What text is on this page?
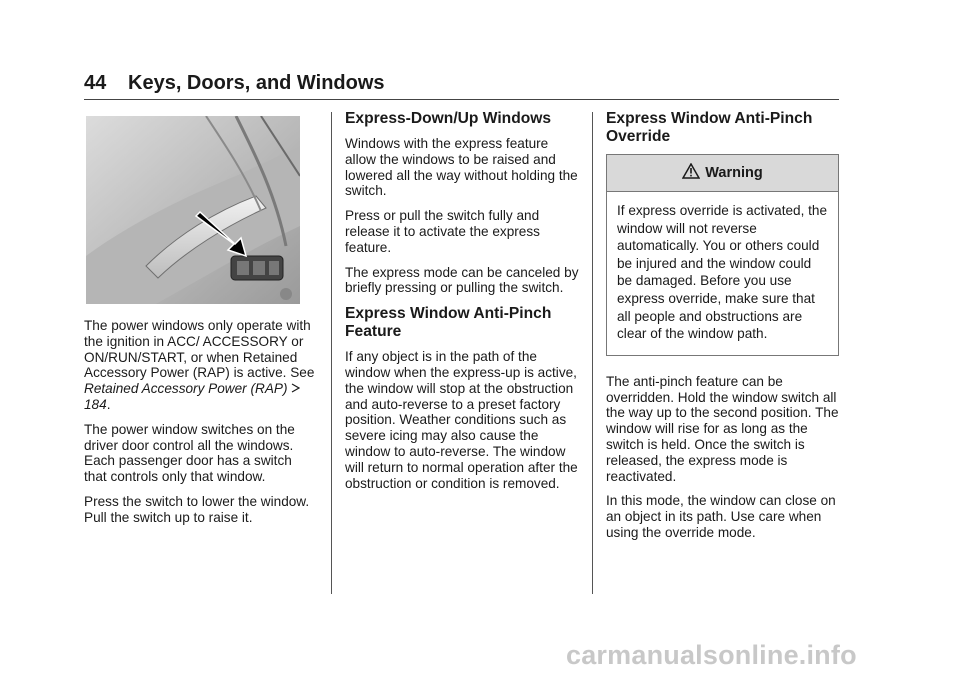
44 Keys, Doors, and Windows

The power windows only operate with the ignition in ACC/ ACCESSORY or ON/RUN/START, or when Retained Accessory Power (RAP) is active. See Retained Accessory Power (RAP)  184.

The power window switches on the driver door control all the windows. Each passenger door has a switch that controls only that window.

Press the switch to lower the window. Pull the switch up to raise it.

Express-Down/Up Windows

Windows with the express feature allow the windows to be raised and lowered all the way without holding the switch.

Press or pull the switch fully and release it to activate the express feature.

The express mode can be canceled by briefly pressing or pulling the switch.

Express Window Anti-Pinch Feature

If any object is in the path of the window when the express-up is active, the window will stop at the obstruction and auto-reverse to a preset factory position. Weather conditions such as severe icing may also cause the window to auto-reverse. The window will return to normal operation after the obstruction or condition is removed.

Express Window Anti-Pinch Override
Warning

If express override is activated, the window will not reverse automatically. You or others could be injured and the window could be damaged. Before you use express override, make sure that all people and obstructions are clear of the window path.

The anti-pinch feature can be overridden. Hold the window switch all the way up to the second position. The window will rise for as long as the switch is held. Once the switch is released, the express mode is reactivated.

In this mode, the window can close on an object in its path. Use care when using the override mode.

carmanualsonline.info
